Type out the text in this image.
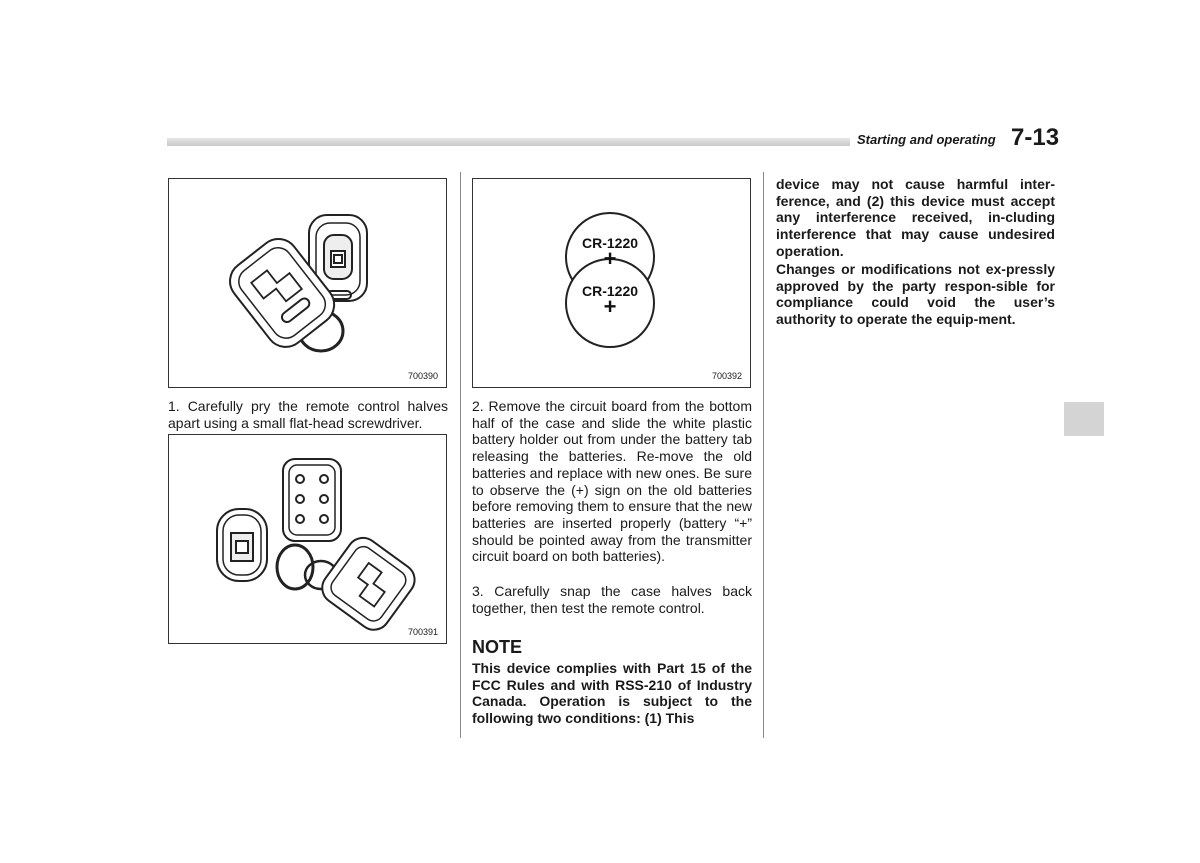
Starting and operating 7-13
700390
1. Carefully pry the remote control halves apart using a small flat-head screwdriver.
700391
CR-1220
+
CR-1220
+
700392
2. Remove the circuit board from the bottom half of the case and slide the white plastic battery holder out from under the battery tab releasing the batteries. Re-move the old batteries and replace with new ones. Be sure to observe the (+) sign on the old batteries before removing them to ensure that the new batteries are inserted properly (battery “+” should be pointed away from the transmitter circuit board on both batteries).
3. Carefully snap the case halves back together, then test the remote control.
NOTE
This device complies with Part 15 of the FCC Rules and with RSS-210 of Industry Canada. Operation is subject to the following two conditions: (1) This
device may not cause harmful inter-ference, and (2) this device must accept any interference received, in-cluding interference that may cause undesired operation.
Changes or modifications not ex-pressly approved by the party respon-sible for compliance could void the user’s authority to operate the equip-ment.
